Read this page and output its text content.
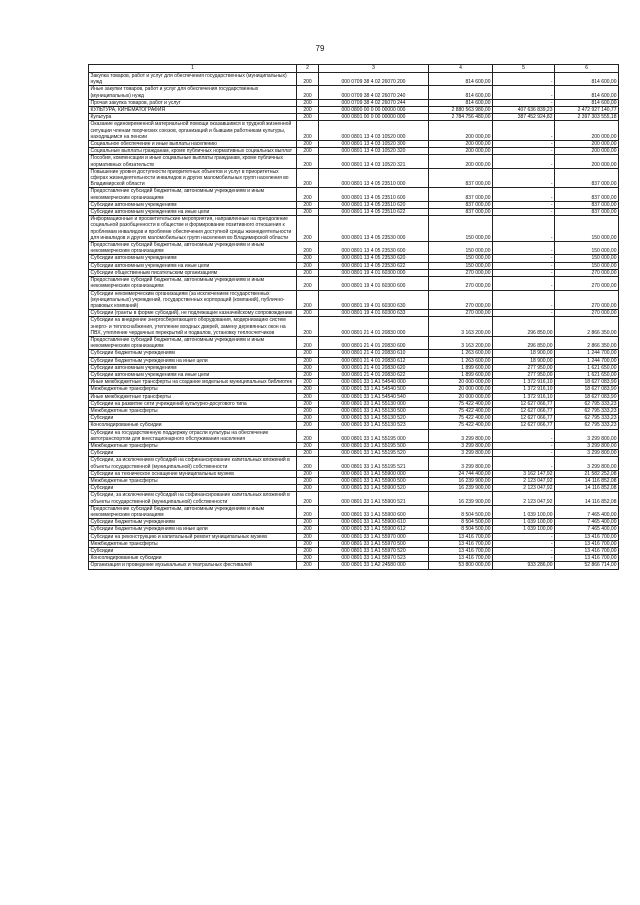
79
1	2	3	4	5	6
Закупка товаров, работ и услуг для обеспечения государственных (муниципальных) нужд	200	000 0709 38 4 02 26070 200	814 600,00	-	814 600,00
Иные закупки товаров, работ и услуг для обеспечения государственных (муниципальных) нужд	200	000 0709 38 4 02 26070 240	814 600,00	-	814 600,00
Прочая закупка товаров, работ и услуг	200	000 0709 38 4 02 26070 244	814 600,00	-	814 600,00
КУЛЬТУРА, КИНЕМАТОГРАФИЯ	200	000 0800 00 0 00 00000 000	2 880 563 980,00	407 636 839,23	2 472 927 140,77
Культура	200	000 0801 00 0 00 00000 000	2 784 756 480,00	387 452 924,82	2 397 303 555,18
Оказание единовременной материальной помощи оказавшимся в трудной жизненной ситуации членам творческих союзов, организаций и бывшим работникам культуры, находящимся на пенсии	200	000 0801 13 4 03 10520 000	200 000,00	-	200 000,00
Социальное обеспечение и иные выплаты населению	200	000 0801 13 4 03 10520 300	200 000,00	-	200 000,00
Социальные выплаты гражданам, кроме публичных нормативных социальных выплат	200	000 0801 13 4 03 10520 320	200 000,00	-	200 000,00
Пособия, компенсации и иные социальные выплаты гражданам, кроме публичных нормативных обязательств	200	000 0801 13 4 03 10520 321	200 000,00	-	200 000,00
Повышение уровня доступности приоритетных объектов и услуг в приоритетных сферах жизнедеятельности инвалидов и других маломобильных групп населения во Владимирской области	200	000 0801 13 4 05 23510 000	837 000,00	-	837 000,00
Предоставление субсидий бюджетным, автономным учреждениям и иным некоммерческим организациям	200	000 0801 13 4 05 23510 600	837 000,00	-	837 000,00
Субсидии автономным учреждениям	200	000 0801 13 4 05 23510 620	837 000,00	-	837 000,00
Субсидии автономным учреждениям на иные цели	200	000 0801 13 4 05 23510 622	837 000,00	-	837 000,00
Информационные и просветительские мероприятия, направленные на преодоление социальной разобщенности в обществе и формирование позитивного отношения к проблемам инвалидов и проблеме обеспечения доступной среды жизнедеятельности для инвалидов и других маломобильных групп населения во Владимирской области	200	000 0801 13 4 05 23530 000	150 000,00	-	150 000,00
Предоставление субсидий бюджетным, автономным учреждениям и иным некоммерческим организациям	200	000 0801 13 4 05 23530 600	150 000,00	-	150 000,00
Субсидии автономным учреждениям	200	000 0801 13 4 05 23530 620	150 000,00	-	150 000,00
Субсидии автономным учреждениям на иные цели	200	000 0801 13 4 05 23530 622	150 000,00	-	150 000,00
Субсидии общественным писательским организациям	200	000 0801 19 4 01 60300 000	270 000,00	-	270 000,00
Предоставление субсидий бюджетным, автономным учреждениям и иным некоммерческим организациям	200	000 0801 19 4 01 60300 600	270 000,00	-	270 000,00
Субсидии некоммерческим организациям (за исключением государственных (муниципальных) учреждений, государственных корпораций (компаний), публично-правовых компаний)	200	000 0801 19 4 01 60300 630	270 000,00	-	270 000,00
Субсидии (гранты в форме субсидий), не подлежащие казначейскому сопровождению	200	000 0801 19 4 01 60300 633	270 000,00	-	270 000,00
Субсидии на внедрение энергосберегающего оборудования, модернизацию систем энерго- и теплоснабжения, утепление входных дверей, замену деревянных окон на ПВХ, утепление чердачных перекрытий и подвалов, установку теплосчетчиков	200	000 0801 21 4 01 20830 000	3 163 200,00	296 850,00	2 866 350,00
Предоставление субсидий бюджетным, автономным учреждениям и иным некоммерческим организациям	200	000 0801 21 4 01 20830 600	3 163 200,00	296 850,00	2 866 350,00
Субсидии бюджетным учреждениям	200	000 0801 21 4 01 20830 610	1 263 600,00	18 900,00	1 244 700,00
Субсидии бюджетным учреждениям на иные цели	200	000 0801 21 4 01 20830 612	1 263 600,00	18 900,00	1 244 700,00
Субсидии автономным учреждениям	200	000 0801 21 4 01 20830 620	1 899 600,00	277 950,00	1 621 650,00
Субсидии автономным учреждениям на иные цели	200	000 0801 21 4 01 20830 622	1 899 600,00	277 950,00	1 621 650,00
Иные межбюджетные трансферты на создание модельных муниципальных библиотек	200	000 0801 33 1 A1 54540 000	20 000 000,00	1 372 916,10	18 627 083,90
Межбюджетные трансферты	200	000 0801 33 1 A1 54540 500	20 000 000,00	1 372 916,10	18 627 083,90
Иные межбюджетные трансферты	200	000 0801 33 1 A1 54540 540	20 000 000,00	1 372 916,10	18 627 083,90
Субсидии на развитие сети учреждений культурно-досугового типа	200	000 0801 33 1 A1 55130 000	75 422 400,00	12 627 066,77	62 795 333,23
Межбюджетные трансферты	200	000 0801 33 1 A1 55130 500	75 422 400,00	12 627 066,77	62 795 333,23
Субсидии	200	000 0801 33 1 A1 55130 520	75 422 400,00	12 627 066,77	62 795 333,23
Консолидированные субсидии	200	000 0801 33 1 A1 55130 523	75 422 400,00	12 627 066,77	62 795 333,23
Субсидии на государственную поддержку отрасли культуры на обеспечение автотранспортом для внестационарного обслуживания населения	200	000 0801 33 1 A1 55195 000	3 299 800,00	-	3 299 800,00
Межбюджетные трансферты	200	000 0801 33 1 A1 55195 500	3 299 800,00	-	3 299 800,00
Субсидии	200	000 0801 33 1 A1 55195 520	3 299 800,00	-	3 299 800,00
Субсидии, за исключением субсидий на софинансирование капитальных вложений в объекты государственной (муниципальной) собственности	200	000 0801 33 1 A1 55195 521	3 299 800,00	-	3 299 800,00
Субсидии на техническое оснащение муниципальных музеев	200	000 0801 33 1 A1 55900 000	24 744 400,00	3 162 147,92	21 582 252,08
Межбюджетные трансферты	200	000 0801 33 1 A1 55900 500	16 239 900,00	2 123 047,92	14 116 852,08
Субсидии	200	000 0801 33 1 A1 55900 520	16 239 900,00	2 123 047,92	14 116 852,08
Субсидии, за исключением субсидий на софинансирование капитальных вложений в объекты государственной (муниципальной) собственности	200	000 0801 33 1 A1 55900 521	16 239 900,00	2 123 047,92	14 116 852,08
Предоставление субсидий бюджетным, автономным учреждениям и иным некоммерческим организациям	200	000 0801 33 1 A1 55900 600	8 504 500,00	1 039 100,00	7 465 400,00
Субсидии бюджетным учреждениям	200	000 0801 33 1 A1 55900 610	8 504 500,00	1 039 100,00	7 465 400,00
Субсидии бюджетным учреждениям на иные цели	200	000 0801 33 1 A1 55900 612	8 504 500,00	1 039 100,00	7 465 400,00
Субсидии на реконструкцию и капитальный ремонт муниципальных музеев	200	000 0801 33 1 A1 55970 000	13 416 700,00	-	13 416 700,00
Межбюджетные трансферты	200	000 0801 33 1 A1 55970 500	13 416 700,00	-	13 416 700,00
Субсидии	200	000 0801 33 1 A1 55970 520	13 416 700,00	-	13 416 700,00
Консолидированные субсидии	200	000 0801 33 1 A1 55970 523	13 416 700,00	-	13 416 700,00
Организация и проведение музыкальных и театральных фестивалей	200	000 0801 33 1 A2 24580 000	53 800 000,00	933 286,00	52 866 714,00
